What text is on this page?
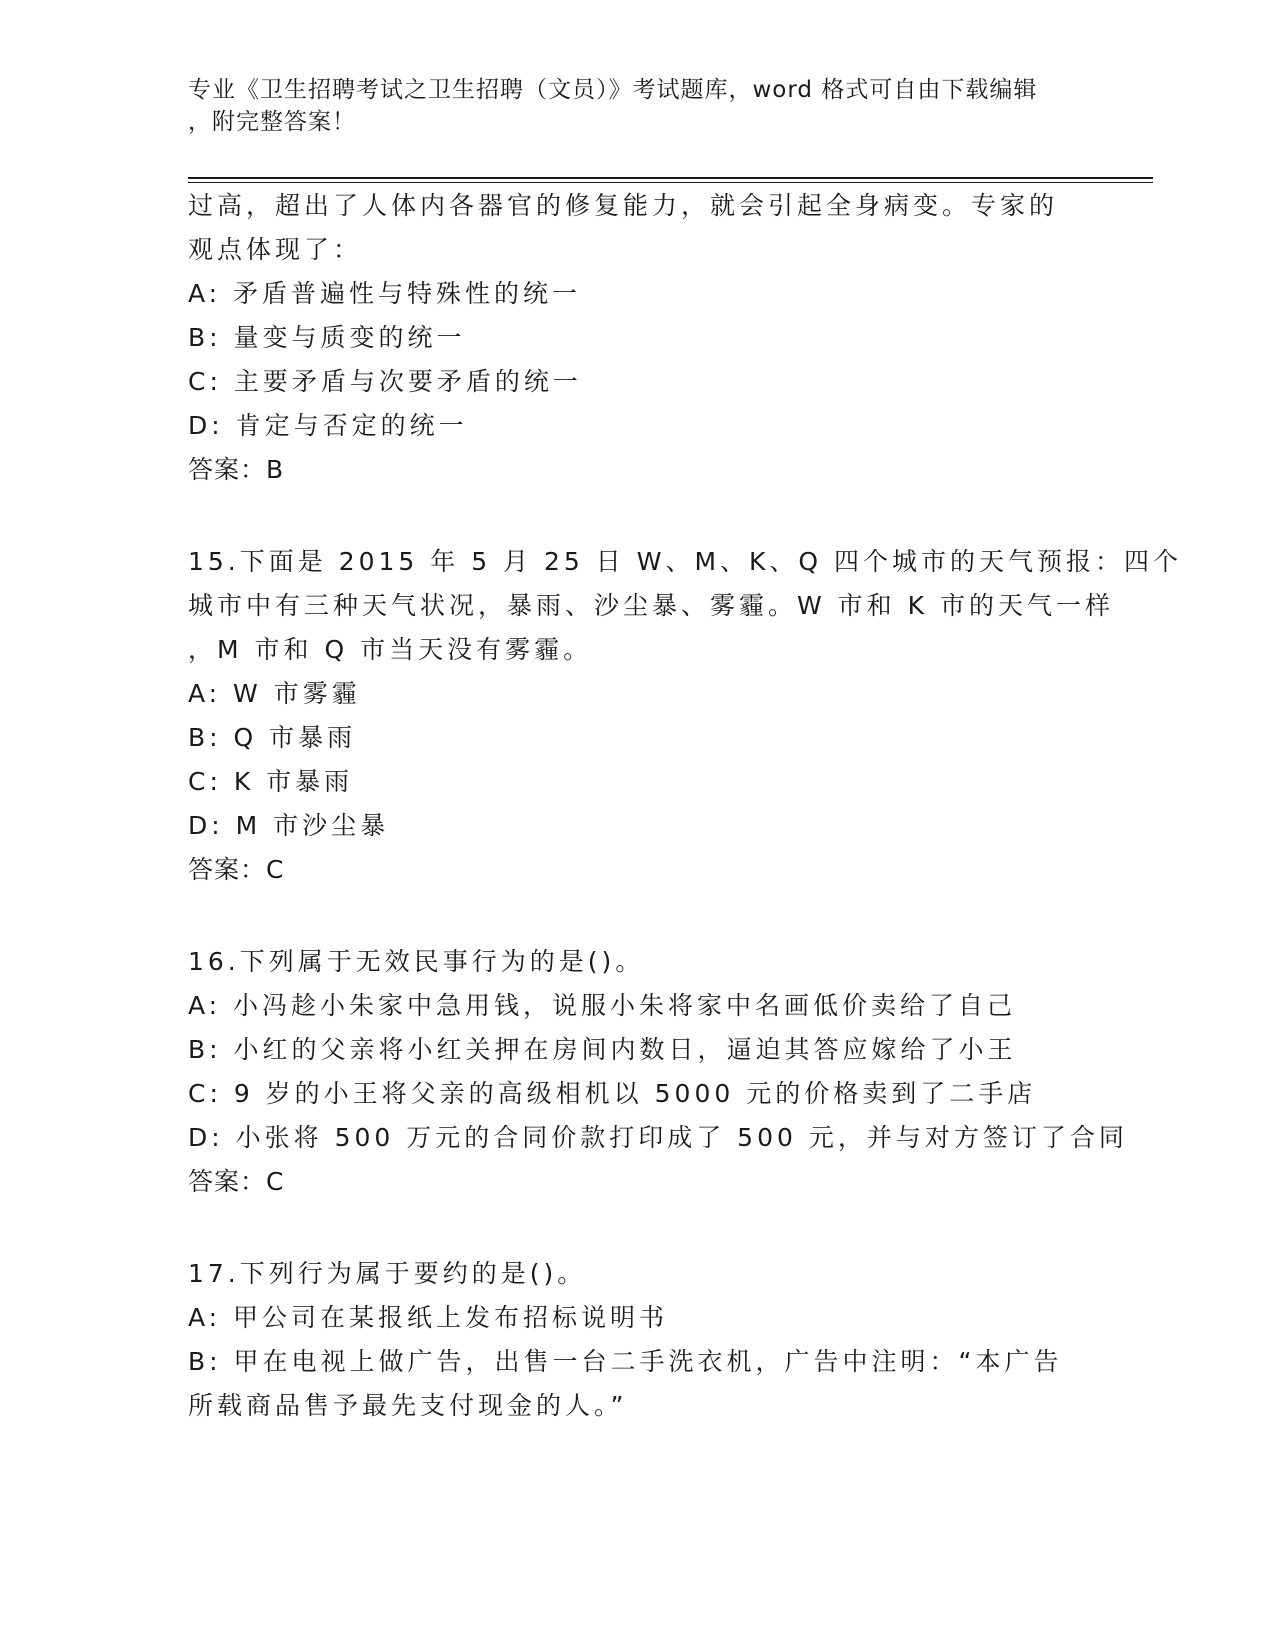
专业《卫生招聘考试之卫生招聘（文员）》考试题库，word 格式可自由下载编辑
，附完整答案！
过高，超出了人体内各器官的修复能力，就会引起全身病变。专家的
观点体现了：
A: 矛盾普遍性与特殊性的统一
B: 量变与质变的统一
C: 主要矛盾与次要矛盾的统一
D: 肯定与否定的统一
答案：B
15.下面是 2015 年 5 月 25 日 W、M、K、Q 四个城市的天气预报：四个
城市中有三种天气状况，暴雨、沙尘暴、雾霾。W 市和 K 市的天气一样
，M 市和 Q 市当天没有雾霾。
A: W 市雾霾
B: Q 市暴雨
C: K 市暴雨
D: M 市沙尘暴
答案：C
16.下列属于无效民事行为的是()。
A: 小冯趁小朱家中急用钱，说服小朱将家中名画低价卖给了自己
B: 小红的父亲将小红关押在房间内数日，逼迫其答应嫁给了小王
C: 9 岁的小王将父亲的高级相机以 5000 元的价格卖到了二手店
D: 小张将 500 万元的合同价款打印成了 500 元，并与对方签订了合同
答案：C
17.下列行为属于要约的是()。
A: 甲公司在某报纸上发布招标说明书
B: 甲在电视上做广告，出售一台二手洗衣机，广告中注明：“本广告
所载商品售予最先支付现金的人。”
